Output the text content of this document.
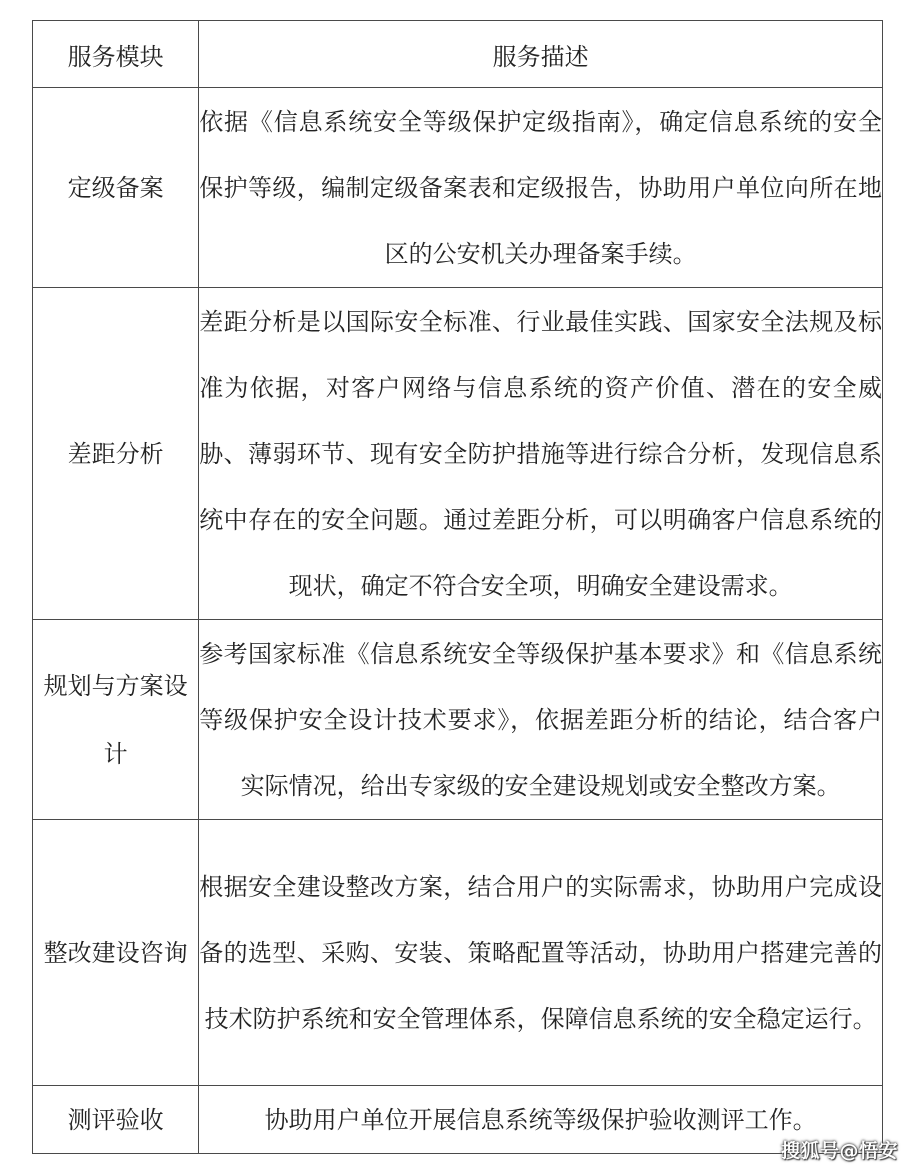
服务模块	服务描述
定级备案	依据《信息系统安全等级保护定级指南》，确定信息系统的安全保护等级，编制定级备案表和定级报告，协助用户单位向所在地区的公安机关办理备案手续。
差距分析	差距分析是以国际安全标准、行业最佳实践、国家安全法规及标准为依据，对客户网络与信息系统的资产价值、潜在的安全威胁、薄弱环节、现有安全防护措施等进行综合分析，发现信息系统中存在的安全问题。通过差距分析，可以明确客户信息系统的现状，确定不符合安全项，明确安全建设需求。
规划与方案设计	参考国家标准《信息系统安全等级保护基本要求》和《信息系统等级保护安全设计技术要求》，依据差距分析的结论，结合客户实际情况，给出专家级的安全建设规划或安全整改方案。
整改建设咨询	根据安全建设整改方案，结合用户的实际需求，协助用户完成设备的选型、采购、安装、策略配置等活动，协助用户搭建完善的技术防护系统和安全管理体系，保障信息系统的安全稳定运行。
测评验收	协助用户单位开展信息系统等级保护验收测评工作。
搜狐号@悟安
